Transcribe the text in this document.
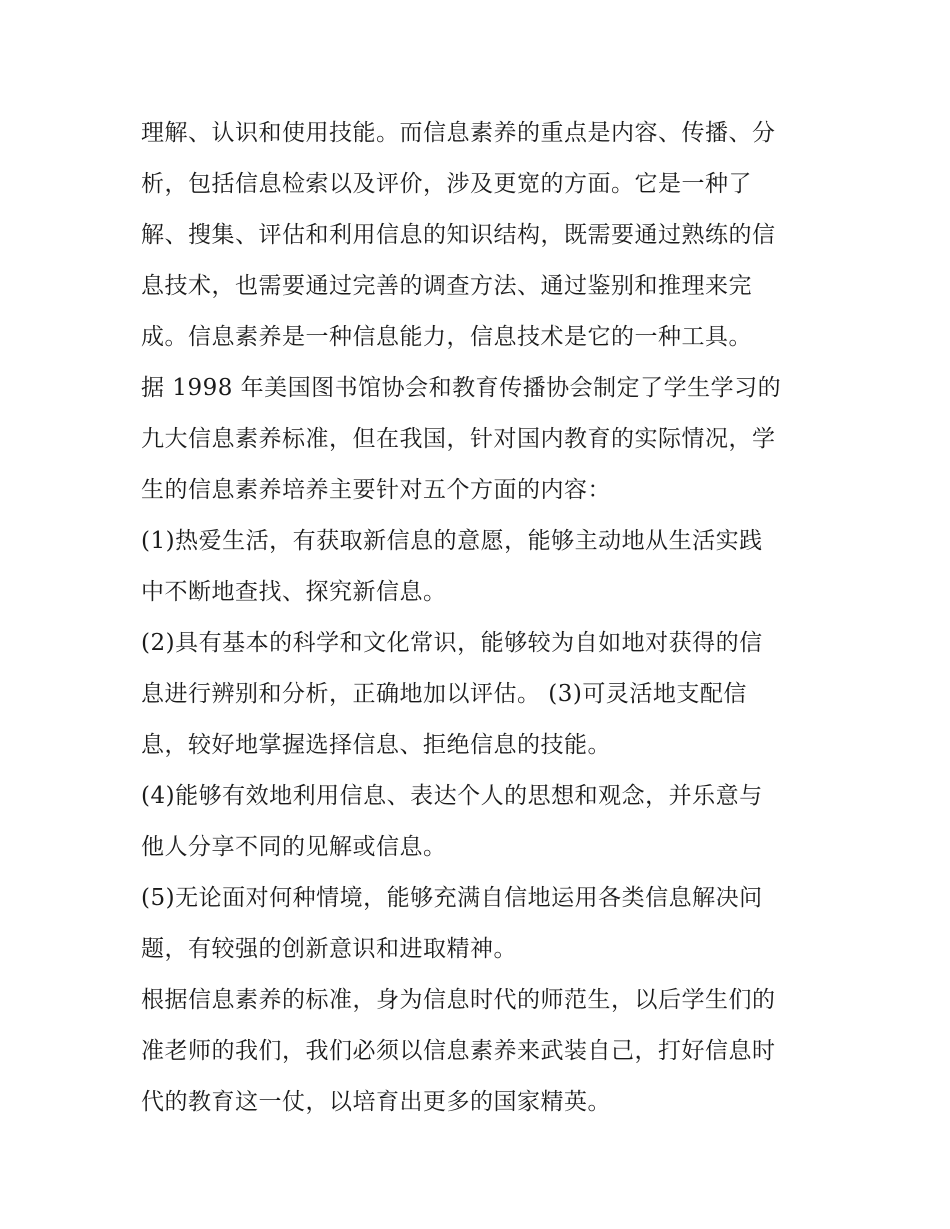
理解、认识和使用技能。而信息素养的重点是内容、传播、分
析，包括信息检索以及评价，涉及更宽的方面。它是一种了
解、搜集、评估和利用信息的知识结构，既需要通过熟练的信
息技术，也需要通过完善的调查方法、通过鉴别和推理来完
成。信息素养是一种信息能力，信息技术是它的一种工具。
据 1998 年美国图书馆协会和教育传播协会制定了学生学习的
九大信息素养标准，但在我国，针对国内教育的实际情况，学
生的信息素养培养主要针对五个方面的内容：
(1)热爱生活，有获取新信息的意愿，能够主动地从生活实践
中不断地查找、探究新信息。
(2)具有基本的科学和文化常识，能够较为自如地对获得的信
息进行辨别和分析，正确地加以评估。 (3)可灵活地支配信
息，较好地掌握选择信息、拒绝信息的技能。
(4)能够有效地利用信息、表达个人的思想和观念，并乐意与
他人分享不同的见解或信息。
(5)无论面对何种情境，能够充满自信地运用各类信息解决问
题，有较强的创新意识和进取精神。
根据信息素养的标准，身为信息时代的师范生，以后学生们的
准老师的我们，我们必须以信息素养来武装自己，打好信息时
代的教育这一仗，以培育出更多的国家精英。
